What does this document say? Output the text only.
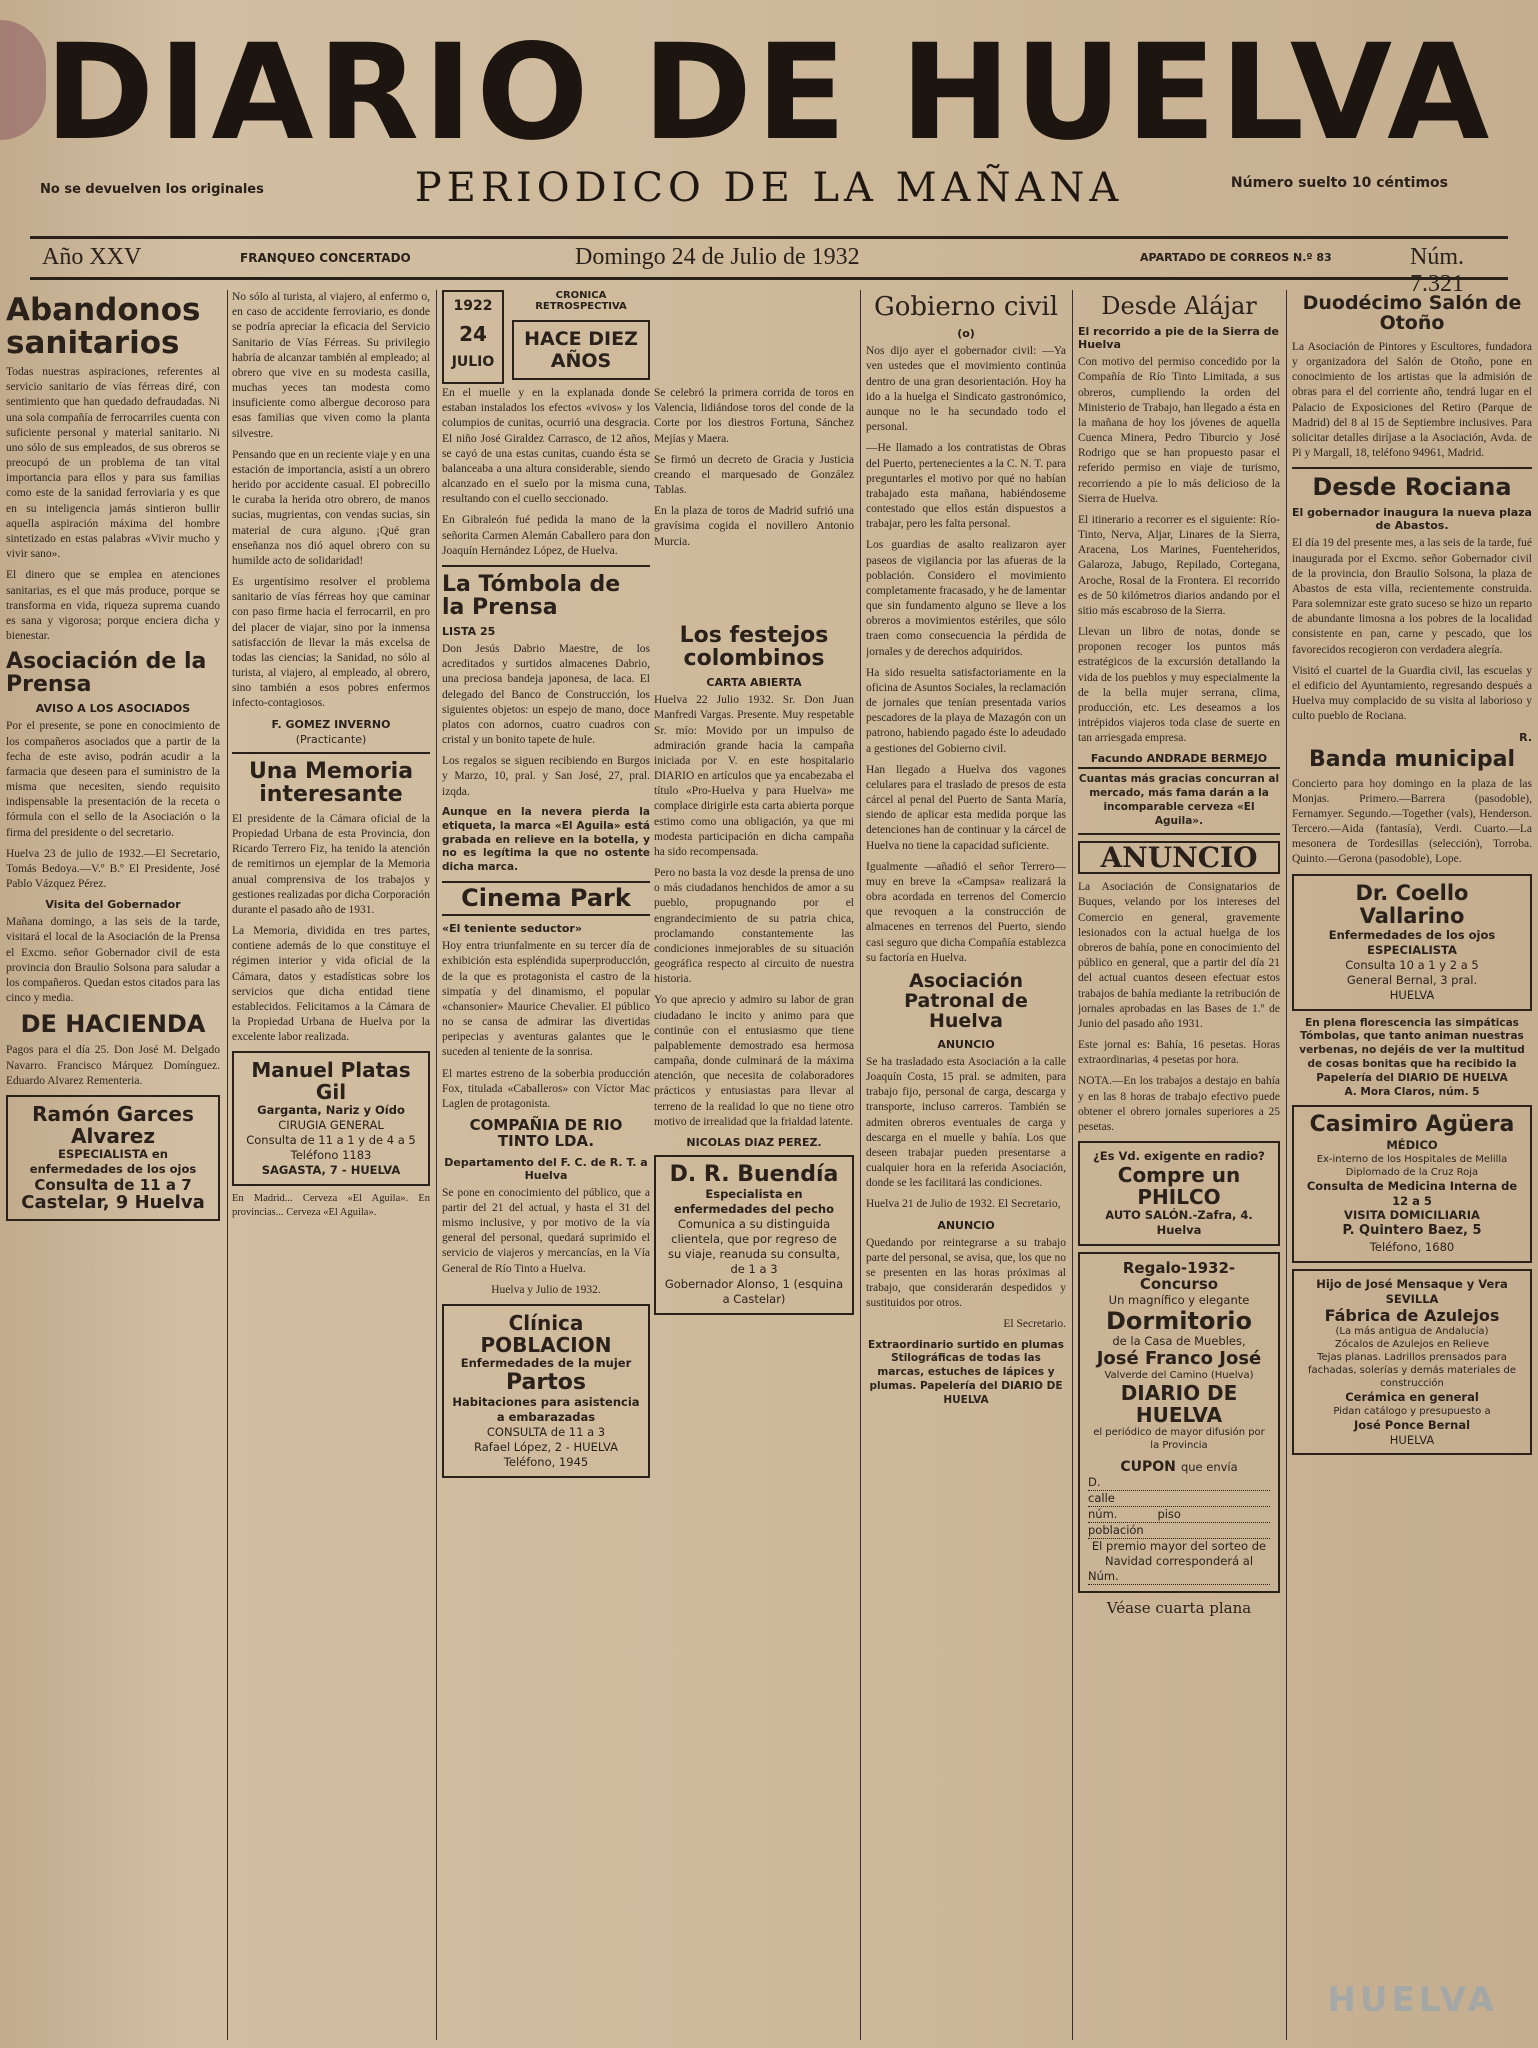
DIARIO DE HUELVA
PERIODICO DE LA MAÑANA
No se devuelven los originales	Número suelto 10 céntimos
Año XXV	FRANQUEO CONCERTADO	Domingo 24 de Julio de 1932	APARTADO DE CORREOS N.º 83	Núm. 7.321
Abandonos sanitarios

Todas nuestras aspiraciones, referentes al servicio sanitario de vías férreas diré, con sentimiento que han quedado defraudadas. Ni una sola compañía de ferrocarriles cuenta con suficiente personal y material sanitario. Ni uno sólo de sus empleados, de sus obreros se preocupó de un problema de tan vital importancia para ellos y para sus familias como este de la sanidad ferroviaria y es que en su inteligencia jamás sintieron bullir aquella aspiración máxima del hombre sintetizado en estas palabras «Vivir mucho y vivir sano».

El dinero que se emplea en atenciones sanitarias, es el que más produce, porque se transforma en vida, riqueza suprema cuando es sana y vigorosa; porque enciera dicha y bienestar.

Asociación de la Prensa
AVISO A LOS ASOCIADOS

Por el presente, se pone en conocimiento de los compañeros asociados que a partir de la fecha de este aviso, podrán acudir a la farmacia que deseen para el suministro de la misma que necesiten, siendo requisito indispensable la presentación de la receta o fórmula con el sello de la Asociación o la firma del presidente o del secretario.

Huelva 23 de julio de 1932.—El Secretario, Tomás Bedoya.—V.º B.º El Presidente, José Pablo Vázquez Pérez.

Visita del Gobernador

Mañana domingo, a las seis de la tarde, visitará el local de la Asociación de la Prensa el Excmo. señor Gobernador civil de esta provincia don Braulio Solsona para saludar a los compañeros. Quedan estos citados para las cinco y media.

DE HACIENDA

Pagos para el día 25. Don José M. Delgado Navarro. Francisco Márquez Domínguez. Eduardo Alvarez Rementeria.

Ramón Garces Alvarez
ESPECIALISTA en enfermedades de los ojos
Consulta de 11 a 7
Castelar, 9 Huelva

No sólo al turista, al viajero, al enfermo o, en caso de accidente ferroviario, es donde se podría apreciar la eficacia del Servicio Sanitario de Vías Férreas. Su privilegio habría de alcanzar también al empleado; al obrero que vive en su modesta casilla, muchas yeces tan modesta como insuficiente como albergue decoroso para esas familias que viven como la planta silvestre.

Pensando que en un reciente viaje y en una estación de importancia, asistí a un obrero herido por accidente casual. El pobrecillo le curaba la herida otro obrero, de manos sucias, mugrientas, con vendas sucias, sin material de cura alguno. ¡Qué gran enseñanza nos dió aquel obrero con su humilde acto de solidaridad!

Es urgentísimo resolver el problema sanitario de vías férreas hoy que caminar con paso firme hacia el ferrocarril, en pro del placer de viajar, sino por la inmensa satisfacción de llevar la más excelsa de todas las ciencias; la Sanidad, no sólo al turista, al viajero, al empleado, al obrero, sino también a esos pobres enfermos infecto-contagiosos.

F. GOMEZ INVERNO
(Practicante)
Una Memoria interesante

El presidente de la Cámara oficial de la Propiedad Urbana de esta Provincia, don Ricardo Terrero Fiz, ha tenido la atención de remitirnos un ejemplar de la Memoria anual comprensiva de los trabajos y gestiones realizadas por dicha Corporación durante el pasado año de 1931.

La Memoria, dividida en tres partes, contiene además de lo que constituye el régimen interior y vida oficial de la Cámara, datos y estadísticas sobre los servicios que dicha entidad tiene establecidos. Felicitamos a la Cámara de la Propiedad Urbana de Huelva por la excelente labor realizada.

Manuel Platas Gil
Garganta, Nariz y Oído
CIRUGIA GENERAL
Consulta de 11 a 1 y de 4 a 5
Teléfono 1183
SAGASTA, 7 - HUELVA

En Madrid... Cerveza «El Aguila». En provincias... Cerveza «El Aguila».

1922
24
JULIO
CRONICA RETROSPECTIVA
HACE DIEZ AÑOS

En el muelle y en la explanada donde estaban instalados los efectos «vivos» y los columpios de cunitas, ocurrió una desgracia. El niño José Giraldez Carrasco, de 12 años, se cayó de una estas cunitas, cuando ésta se balanceaba a una altura considerable, siendo alcanzado en el suelo por la misma cuna, resultando con el cuello seccionado.

En Gibraleón fué pedida la mano de la señorita Carmen Alemán Caballero para don Joaquín Hernández López, de Huelva.

La Tómbola de la Prensa
LISTA 25

Don Jesús Dabrio Maestre, de los acreditados y surtidos almacenes Dabrio, una preciosa bandeja japonesa, de laca. El delegado del Banco de Construcción, los siguientes objetos: un espejo de mano, doce platos con adornos, cuatro cuadros con cristal y un bonito tapete de hule.

Los regalos se siguen recibiendo en Burgos y Marzo, 10, pral. y San José, 27, pral. izqda.

Aunque en la nevera pierda la etiqueta, la marca «El Aguila» está grabada en relieve en la botella, y no es legítima la que no ostente dicha marca.

Cinema Park
«El teniente seductor»

Hoy entra triunfalmente en su tercer día de exhibición esta espléndida superproducción, de la que es protagonista el castro de la simpatía y del dinamismo, el popular «chansonier» Maurice Chevalier. El público no se cansa de admirar las divertidas peripecias y aventuras galantes que le suceden al teniente de la sonrisa.

El martes estreno de la soberbia producción Fox, titulada «Caballeros» con Víctor Mac Laglen de protagonista.

COMPAÑIA DE RIO TINTO LDA.
Departamento del F. C. de R. T. a Huelva

Se pone en conocimiento del público, que a partir del 21 del actual, y hasta el 31 del mismo inclusive, y por motivo de la vía general del personal, quedará suprimido el servicio de viajeros y mercancías, en la Vía General de Río Tinto a Huelva.

Huelva y Julio de 1932.

Clínica POBLACION
Enfermedades de la mujer
Partos
Habitaciones para asistencia a embarazadas
CONSULTA de 11 a 3
Rafael López, 2 - HUELVA
Teléfono, 1945
Los festejos colombinos
CARTA ABIERTA

Huelva 22 Julio 1932. Sr. Don Juan Manfredi Vargas. Presente. Muy respetable Sr. mío: Movido por un impulso de admiración grande hacia la campaña iniciada por V. en este hospitalario DIARIO en artículos que ya encabezaba el título «Pro-Huelva y para Huelva» me complace dirigirle esta carta abierta porque estimo como una obligación, ya que mi modesta participación en dicha campaña ha sido recompensada.

Pero no basta la voz desde la prensa de uno o más ciudadanos henchidos de amor a su pueblo, propugnando por el engrandecimiento de su patria chica, proclamando constantemente las condiciones inmejorables de su situación geográfica respecto al circuito de nuestra historia.

Yo que aprecio y admiro su labor de gran ciudadano le incito y animo para que continúe con el entusiasmo que tiene palpablemente demostrado esa hermosa campaña, donde culminará de la máxima atención, que necesita de colaboradores prácticos y entusiastas para llevar al terreno de la realidad lo que no tiene otro motivo de irrealidad que la frialdad latente.

NICOLAS DIAZ PEREZ.
D. R. Buendía
Especialista en enfermedades del pecho
Comunica a su distinguida clientela, que por regreso de su viaje, reanuda su consulta, de 1 a 3
Gobernador Alonso, 1 (esquina a Castelar)

Se celebró la primera corrida de toros en Valencia, lidiándose toros del conde de la Corte por los diestros Fortuna, Sánchez Mejías y Maera.

Se firmó un decreto de Gracia y Justicia creando el marquesado de González Tablas.

En la plaza de toros de Madrid sufrió una gravísima cogida el novillero Antonio Murcia.

Gobierno civil
(o)

Nos dijo ayer el gobernador civil: —Ya ven ustedes que el movimiento continúa dentro de una gran desorientación. Hoy ha ido a la huelga el Sindicato gastronómico, aunque no le ha secundado todo el personal.

—He llamado a los contratistas de Obras del Puerto, pertenecientes a la C. N. T. para preguntarles el motivo por qué no habían trabajado esta mañana, habiéndoseme contestado que ellos están dispuestos a trabajar, pero les falta personal.

Los guardias de asalto realizaron ayer paseos de vigilancia por las afueras de la población. Considero el movimiento completamente fracasado, y he de lamentar que sin fundamento alguno se lleve a los obreros a movimientos estériles, que sólo traen como consecuencia la pérdida de jornales y de derechos adquiridos.

Ha sido resuelta satisfactoriamente en la oficina de Asuntos Sociales, la reclamación de jornales que tenían presentada varios pescadores de la playa de Mazagón con un patrono, habiendo pagado éste lo adeudado a gestiones del Gobierno civil.

Han llegado a Huelva dos vagones celulares para el traslado de presos de esta cárcel al penal del Puerto de Santa María, siendo de aplicar esta medida porque las detenciones han de continuar y la cárcel de Huelva no tiene la capacidad suficiente.

Igualmente —añadió el señor Terrero— muy en breve la «Campsa» realizará la obra acordada en terrenos del Comercio que revoquen a la construcción de almacenes en terrenos del Puerto, siendo casi seguro que dicha Compañía establezca su factoría en Huelva.

Asociación Patronal de Huelva
ANUNCIO

Se ha trasladado esta Asociación a la calle Joaquín Costa, 15 pral. se admiten, para trabajo fijo, personal de carga, descarga y transporte, incluso carreros. También se admiten obreros eventuales de carga y descarga en el muelle y bahía. Los que deseen trabajar pueden presentarse a cualquier hora en la referida Asociación, donde se les facilitará las condiciones.

Huelva 21 de Julio de 1932. El Secretario,

ANUNCIO

Quedando por reintegrarse a su trabajo parte del personal, se avisa, que, los que no se presenten en las horas próximas al trabajo, que considerarán despedidos y sustituidos por otros.

El Secretario.

Extraordinario surtido en plumas Stilográficas de todas las marcas, estuches de lápices y plumas. Papelería del DIARIO DE HUELVA

Desde Alájar
El recorrido a pie de la Sierra de Huelva

Con motivo del permiso concedido por la Compañía de Río Tinto Limitada, a sus obreros, cumpliendo la orden del Ministerio de Trabajo, han llegado a ésta en la mañana de hoy los jóvenes de aquella Cuenca Minera, Pedro Tiburcio y José Rodrigo que se han propuesto pasar el referido permiso en viaje de turismo, recorriendo a pie lo más delicioso de la Sierra de Huelva.

El itinerario a recorrer es el siguiente: Río-Tinto, Nerva, Aljar, Linares de la Sierra, Aracena, Los Marines, Fuenteheridos, Galaroza, Jabugo, Repilado, Cortegana, Aroche, Rosal de la Frontera. El recorrido es de 50 kilómetros diarios andando por el sitio más escabroso de la Sierra.

Llevan un libro de notas, donde se proponen recoger los puntos más estratégicos de la excursión detallando la vida de los pueblos y muy especialmente la de la bella mujer serrana, clima, producción, etc. Les deseamos a los intrépidos viajeros toda clase de suerte en tan arriesgada empresa.

Facundo ANDRADE BERMEJO

Cuantas más gracias concurran al mercado, más fama darán a la incomparable cerveza «El Aguila».

ANUNCIO

La Asociación de Consignatarios de Buques, velando por los intereses del Comercio en general, gravemente lesionados con la actual huelga de los obreros de bahía, pone en conocimiento del público en general, que a partir del día 21 del actual cuantos deseen efectuar estos trabajos de bahía mediante la retribución de jornales aprobadas en las Bases de 1.º de Junio del pasado año 1931.

Este jornal es: Bahía, 16 pesetas. Horas extraordinarias, 4 pesetas por hora.

NOTA.—En los trabajos a destajo en bahía y en las 8 horas de trabajo efectivo puede obtener el obrero jornales superiores a 25 pesetas.

¿Es Vd. exigente en radio?
Compre un PHILCO
AUTO SALÓN.-Zafra, 4. Huelva
Regalo-1932-Concurso
Un magnífico y elegante
Dormitorio
de la Casa de Muebles,
José Franco José
Valverde del Camino (Huelva)
DIARIO DE HUELVA
el periódico de mayor difusión por la Provincia
CUPON que envía
D.
calle
núm.	piso
población
El premio mayor del sorteo de Navidad corresponderá al
Núm.
Véase cuarta plana
Duodécimo Salón de Otoño

La Asociación de Pintores y Escultores, fundadora y organizadora del Salón de Otoño, pone en conocimiento de los artistas que la admisión de obras para el del corriente año, tendrá lugar en el Palacio de Exposiciones del Retiro (Parque de Madrid) del 8 al 15 de Septiembre inclusives. Para solicitar detalles diríjase a la Asociación, Avda. de Pi y Margall, 18, teléfono 94961, Madrid.

Desde Rociana
El gobernador inaugura la nueva plaza de Abastos.

El día 19 del presente mes, a las seis de la tarde, fué inaugurada por el Excmo. señor Gobernador civil de la provincia, don Braulio Solsona, la plaza de Abastos de esta villa, recientemente construida. Para solemnizar este grato suceso se hizo un reparto de abundante limosna a los pobres de la localidad consistente en pan, carne y pescado, que los favorecidos recogieron con verdadera alegría.

Visitó el cuartel de la Guardia civil, las escuelas y el edificio del Ayuntamiento, regresando después a Huelva muy complacido de su visita al laborioso y culto pueblo de Rociana.

R.
Banda municipal

Concierto para hoy domingo en la plaza de las Monjas. Primero.—Barrera (pasodoble), Fernamyer. Segundo.—Together (vals), Henderson. Tercero.—Aida (fantasía), Verdi. Cuarto.—La mesonera de Tordesillas (selección), Torroba. Quinto.—Gerona (pasodoble), Lope.

Dr. Coello Vallarino
Enfermedades de los ojos
ESPECIALISTA
Consulta 10 a 1 y 2 a 5
General Bernal, 3 pral.
HUELVA

En plena florescencia las simpáticas Tómbolas, que tanto animan nuestras verbenas, no dejéis de ver la multitud de cosas bonitas que ha recibido la Papelería del DIARIO DE HUELVA

A. Mora Claros, núm. 5
Casimiro Agüera
MÉDICO
Ex-interno de los Hospitales de Melilla
Diplomado de la Cruz Roja
Consulta de Medicina Interna de 12 a 5
VISITA DOMICILIARIA
P. Quintero Baez, 5
Teléfono, 1680
Hijo de José Mensaque y Vera
SEVILLA
Fábrica de Azulejos
(La más antigua de Andalucía)
Zócalos de Azulejos en Relieve
Tejas planas. Ladrillos prensados para fachadas, solerías y demás materiales de construcción
Cerámica en general
Pidan catálogo y presupuesto a
José Ponce Bernal
HUELVA
HUELVA
